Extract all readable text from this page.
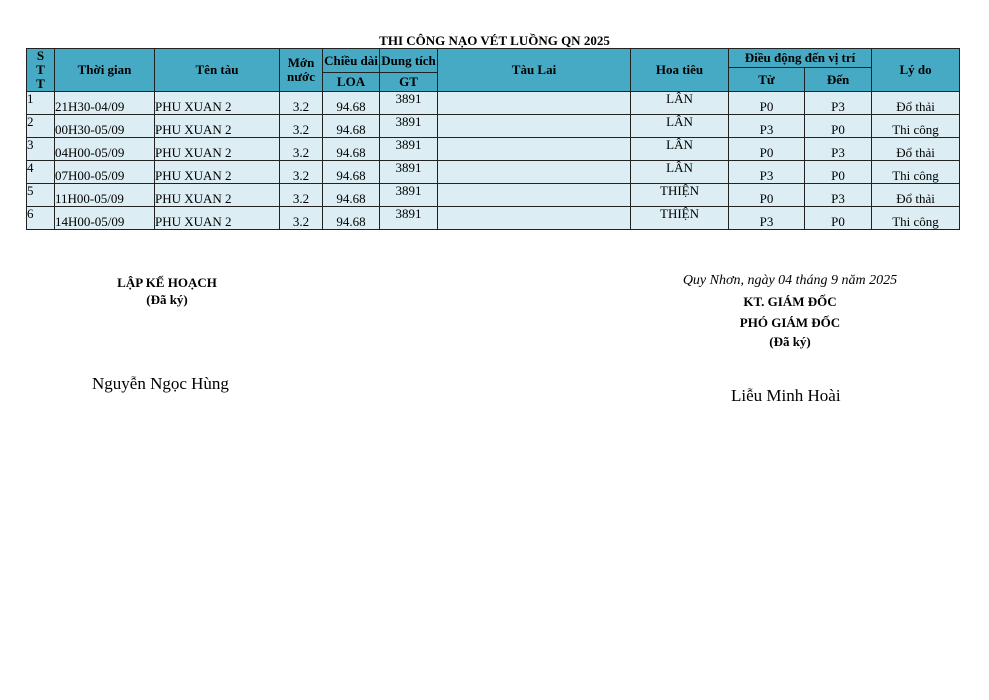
THI CÔNG NẠO VÉT LUỒNG QN 2025
S T T	Thời gian	Tên tàu	Mớn nước	Chiều dài	Dung tích	Tàu Lai	Hoa tiêu	Điều động đến vị trí		Lý do
								Từ	Đến	
				LOA	GT					
1	21H30-04/09	PHU XUAN 2	3.2	94.68	3891		LÂN	P0	P3	Đổ thải
2	00H30-05/09	PHU XUAN 2	3.2	94.68	3891		LÂN	P3	P0	Thi công
3	04H00-05/09	PHU XUAN 2	3.2	94.68	3891		LÂN	P0	P3	Đổ thải
4	07H00-05/09	PHU XUAN 2	3.2	94.68	3891		LÂN	P3	P0	Thi công
5	11H00-05/09	PHU XUAN 2	3.2	94.68	3891		THIỆN	P0	P3	Đổ thải
6	14H00-05/09	PHU XUAN 2	3.2	94.68	3891		THIỆN	P3	P0	Thi công
LẬP KẾ HOẠCH
(Đã ký)
Nguyễn Ngọc Hùng
Quy Nhơn, ngày 04 tháng 9 năm 2025
KT. GIÁM ĐỐC
PHÓ GIÁM ĐỐC
(Đã ký)
Liễu Minh Hoài
